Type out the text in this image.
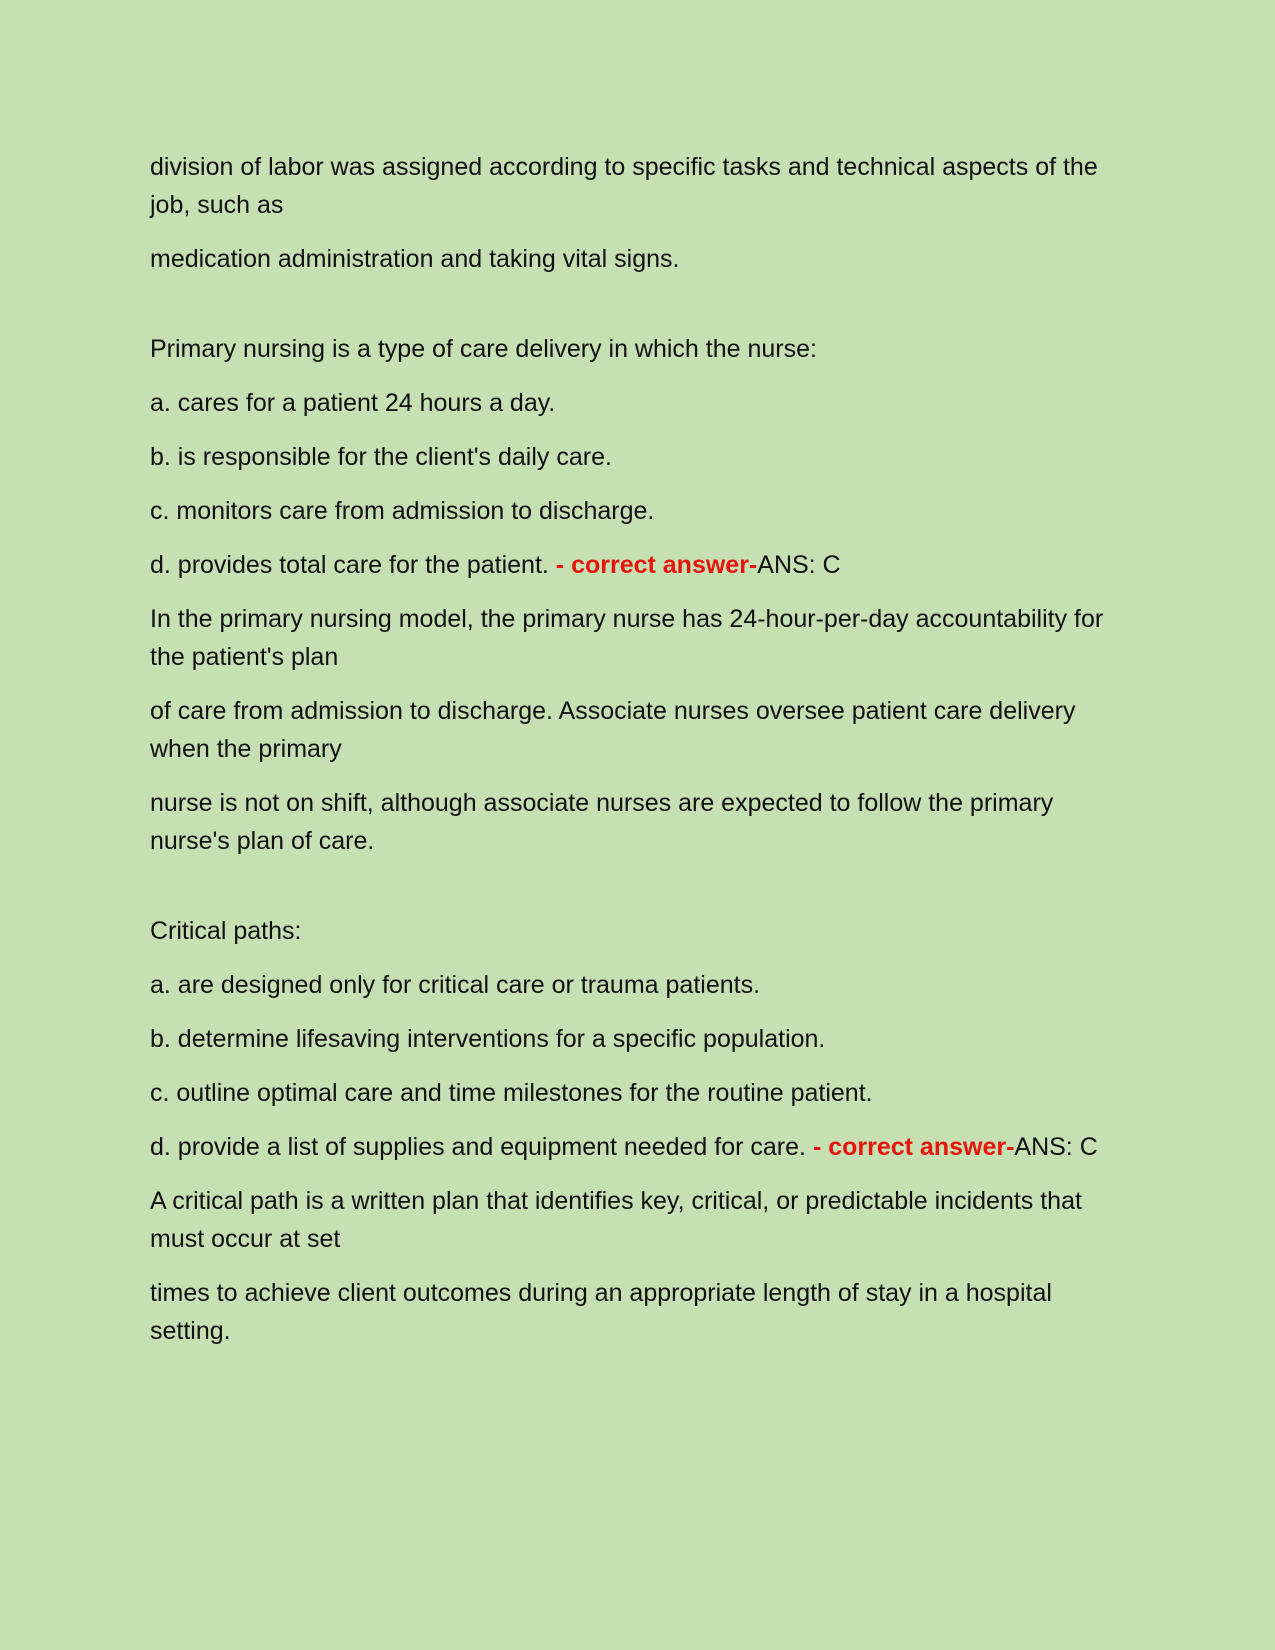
division of labor was assigned according to specific tasks and technical aspects of the job, such as

medication administration and taking vital signs.

Primary nursing is a type of care delivery in which the nurse:

a. cares for a patient 24 hours a day.

b. is responsible for the client's daily care.

c. monitors care from admission to discharge.

d. provides total care for the patient. - correct answer-ANS: C

In the primary nursing model, the primary nurse has 24-hour-per-day accountability for the patient's plan

of care from admission to discharge. Associate nurses oversee patient care delivery when the primary

nurse is not on shift, although associate nurses are expected to follow the primary nurse's plan of care.

Critical paths:

a. are designed only for critical care or trauma patients.

b. determine lifesaving interventions for a specific population.

c. outline optimal care and time milestones for the routine patient.

d. provide a list of supplies and equipment needed for care. - correct answer-ANS: C

A critical path is a written plan that identifies key, critical, or predictable incidents that must occur at set

times to achieve client outcomes during an appropriate length of stay in a hospital setting.
